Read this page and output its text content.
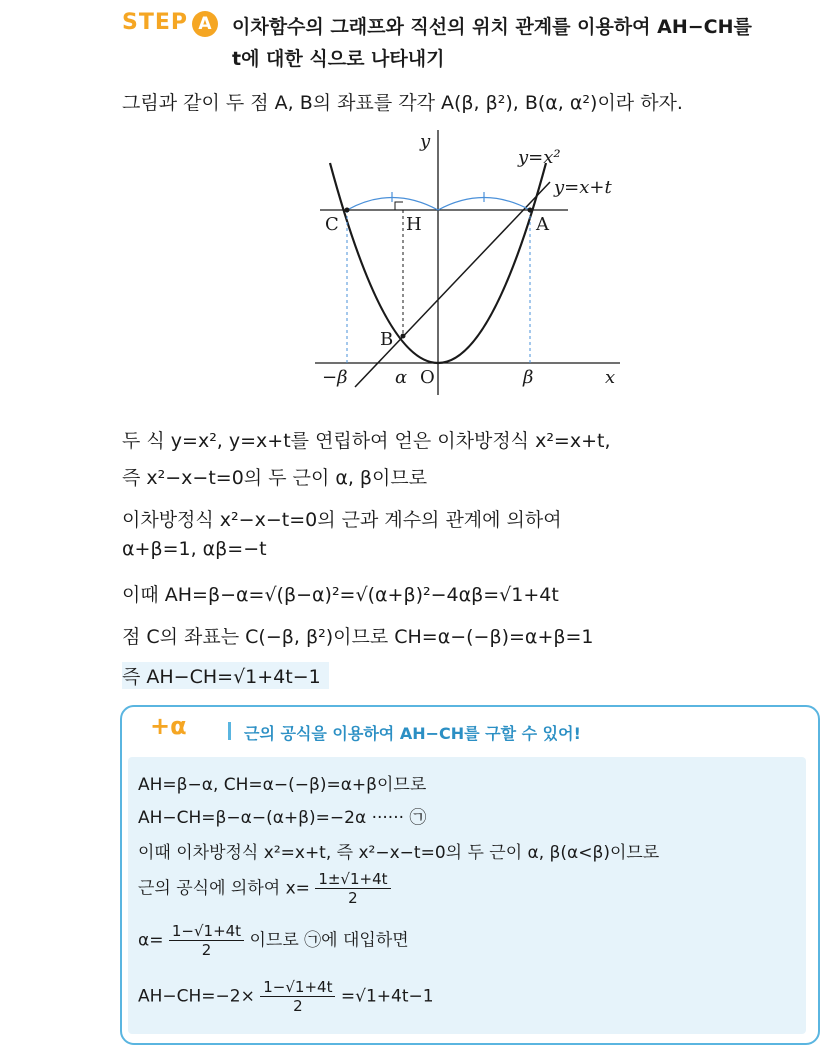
STEP A	이차함수의 그래프와 직선의 위치 관계를 이용하여 AH−CH를
t에 대한 식으로 나타내기
그림과 같이 두 점 A, B의 좌표를 각각 A(β, β²), B(α, α²)이라 하자.
y
x
y=x²
y=x+t
C	H	A
B
O
−β	α	β
두 식 y=x², y=x+t를 연립하여 얻은 이차방정식 x²=x+t,
즉 x²−x−t=0의 두 근이 α, β이므로
이차방정식 x²−x−t=0의 근과 계수의 관계에 의하여
α+β=1, αβ=−t
이때 AH=β−α=√(β−α)²=√(α+β)²−4αβ=√1+4t
점 C의 좌표는 C(−β, β²)이므로 CH=α−(−β)=α+β=1
즉 AH−CH=√1+4t−1
+α	근의 공식을 이용하여 AH−CH를 구할 수 있어!
AH=β−α, CH=α−(−β)=α+β이므로
AH−CH=β−α−(α+β)=−2α ······ ㉠
이때 이차방정식 x²=x+t, 즉 x²−x−t=0의 두 근이 α, β(α<β)이므로
근의 공식에 의하여 $x= \frac{1\pm√1+4t}{2}$
$\alpha= \frac{1-√1+4t}{2}$ 이므로 ㉠에 대입하면
$AH-CH=-2\times \frac{1-√1+4t}{2} =√1+4t-1$
